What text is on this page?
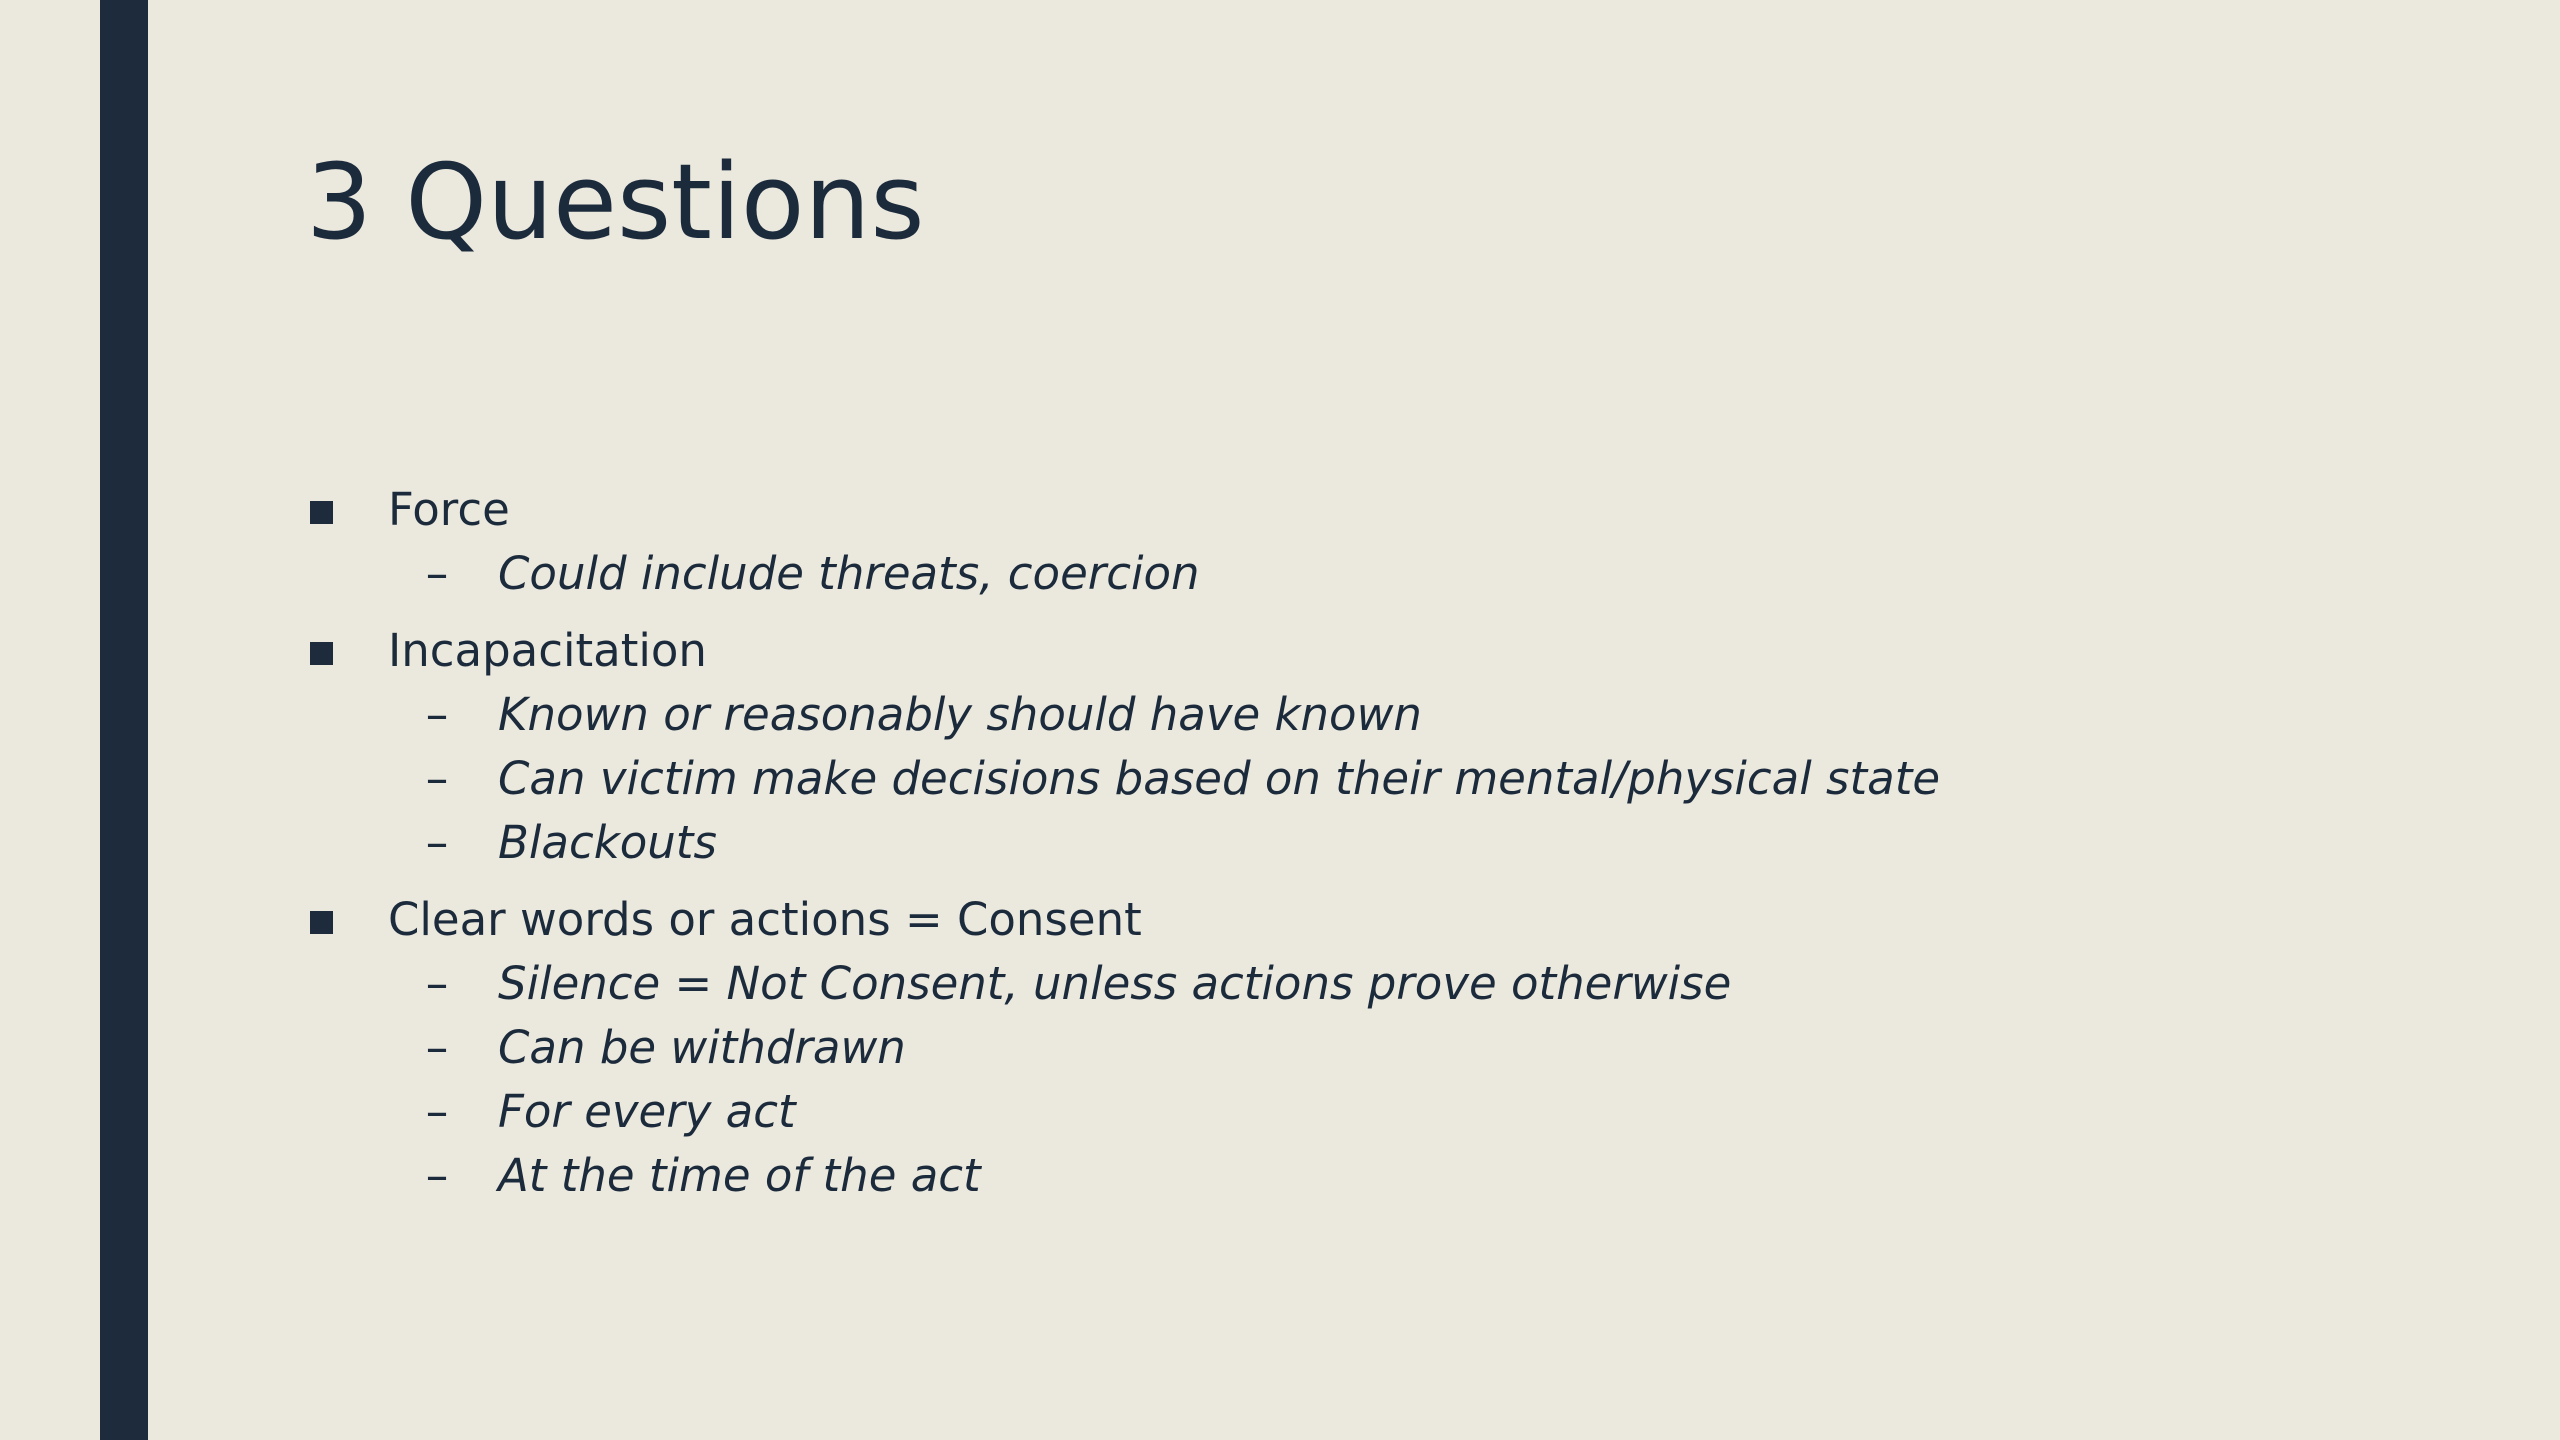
3 Questions
Force
– Could include threats, coercion
Incapacitation
– Known or reasonably should have known
– Can victim make decisions based on their mental/physical state
– Blackouts
Clear words or actions = Consent
– Silence = Not Consent, unless actions prove otherwise
– Can be withdrawn
– For every act
– At the time of the act
